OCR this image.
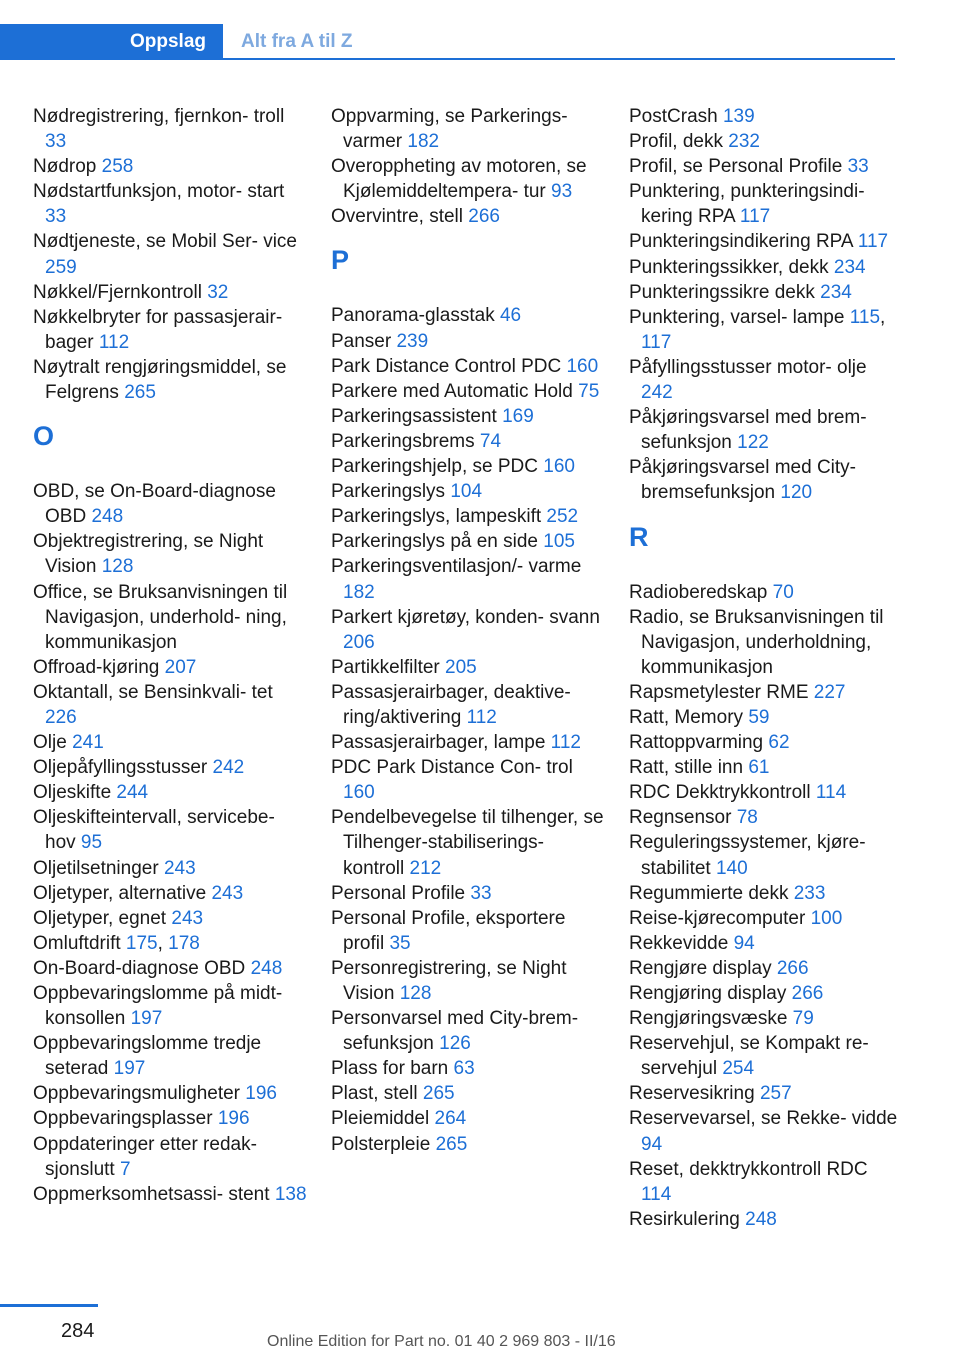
Oppslag Alt fra A til Z
Nødregistrering, fjernkon‐ troll 33
Nødrop 258
Nødstartfunksjon, motor‐ start 33
Nødtjeneste, se Mobil Ser‐ vice 259
Nøkkel/Fjernkontroll 32
Nøkkelbryter for passasjerair‐ bager 112
Nøytralt rengjøringsmiddel, se Felgrens 265
O
OBD, se On-Board-diagnose OBD 248
Objektregistrering, se Night Vision 128
Office, se Bruksanvisningen til Navigasjon, underhold‐ ning, kommunikasjon
Offroad-kjøring 207
Oktantall, se Bensinkvali‐ tet 226
Olje 241
Oljepåfyllingsstusser 242
Oljeskifte 244
Oljeskifteintervall, servicebe‐ hov 95
Oljetilsetninger 243
Oljetyper, alternative 243
Oljetyper, egnet 243
Omluftdrift 175, 178
On-Board-diagnose OBD 248
Oppbevaringslomme på midt‐ konsollen 197
Oppbevaringslomme tredje seterad 197
Oppbevaringsmuligheter 196
Oppbevaringsplasser 196
Oppdateringer etter redak‐ sjonslutt 7
Oppmerksomhetsassi‐ stent 138
Oppvarming, se Parkerings‐ varmer 182
Overoppheting av motoren, se Kjølemiddeltempera‐ tur 93
Overvintre, stell 266
P
Panorama-glasstak 46
Panser 239
Park Distance Control PDC 160
Parkere med Automatic Hold 75
Parkeringsassistent 169
Parkeringsbrems 74
Parkeringshjelp, se PDC 160
Parkeringslys 104
Parkeringslys, lampeskift 252
Parkeringslys på en side 105
Parkeringsventilasjon/- varme 182
Parkert kjøretøy, konden‐ svann 206
Partikkelfilter 205
Passasjerairbager, deaktive‐ ring/aktivering 112
Passasjerairbager, lampe 112
PDC Park Distance Con‐ trol 160
Pendelbevegelse til tilhenger, se Tilhenger-stabiliserings‐ kontroll 212
Personal Profile 33
Personal Profile, eksportere profil 35
Personregistrering, se Night Vision 128
Personvarsel med City-brem‐ sefunksjon 126
Plass for barn 63
Plast, stell 265
Pleiemiddel 264
Polsterpleie 265
PostCrash 139
Profil, dekk 232
Profil, se Personal Profile 33
Punktering, punkteringsindi‐ kering RPA 117
Punkteringsindikering RPA 117
Punkteringssikker, dekk 234
Punkteringssikre dekk 234
Punktering, varsel‐ lampe 115, 117
Påfyllingsstusser motor‐ olje 242
Påkjøringsvarsel med brem‐ sefunksjon 122
Påkjøringsvarsel med City- bremsefunksjon 120
R
Radioberedskap 70
Radio, se Bruksanvisningen til Navigasjon, underholdning, kommunikasjon
Rapsmetylester RME 227
Ratt, Memory 59
Rattoppvarming 62
Ratt, stille inn 61
RDC Dekktrykkontroll 114
Regnsensor 78
Reguleringssystemer, kjøre‐ stabilitet 140
Regummierte dekk 233
Reise-kjørecomputer 100
Rekkevidde 94
Rengjøre display 266
Rengjøring display 266
Rengjøringsvæske 79
Reservehjul, se Kompakt re‐ servehjul 254
Reservesikring 257
Reservevarsel, se Rekke‐ vidde 94
Reset, dekktrykkontroll RDC 114
Resirkulering 248
284	Online Edition for Part no. 01 40 2 969 803 - II/16
